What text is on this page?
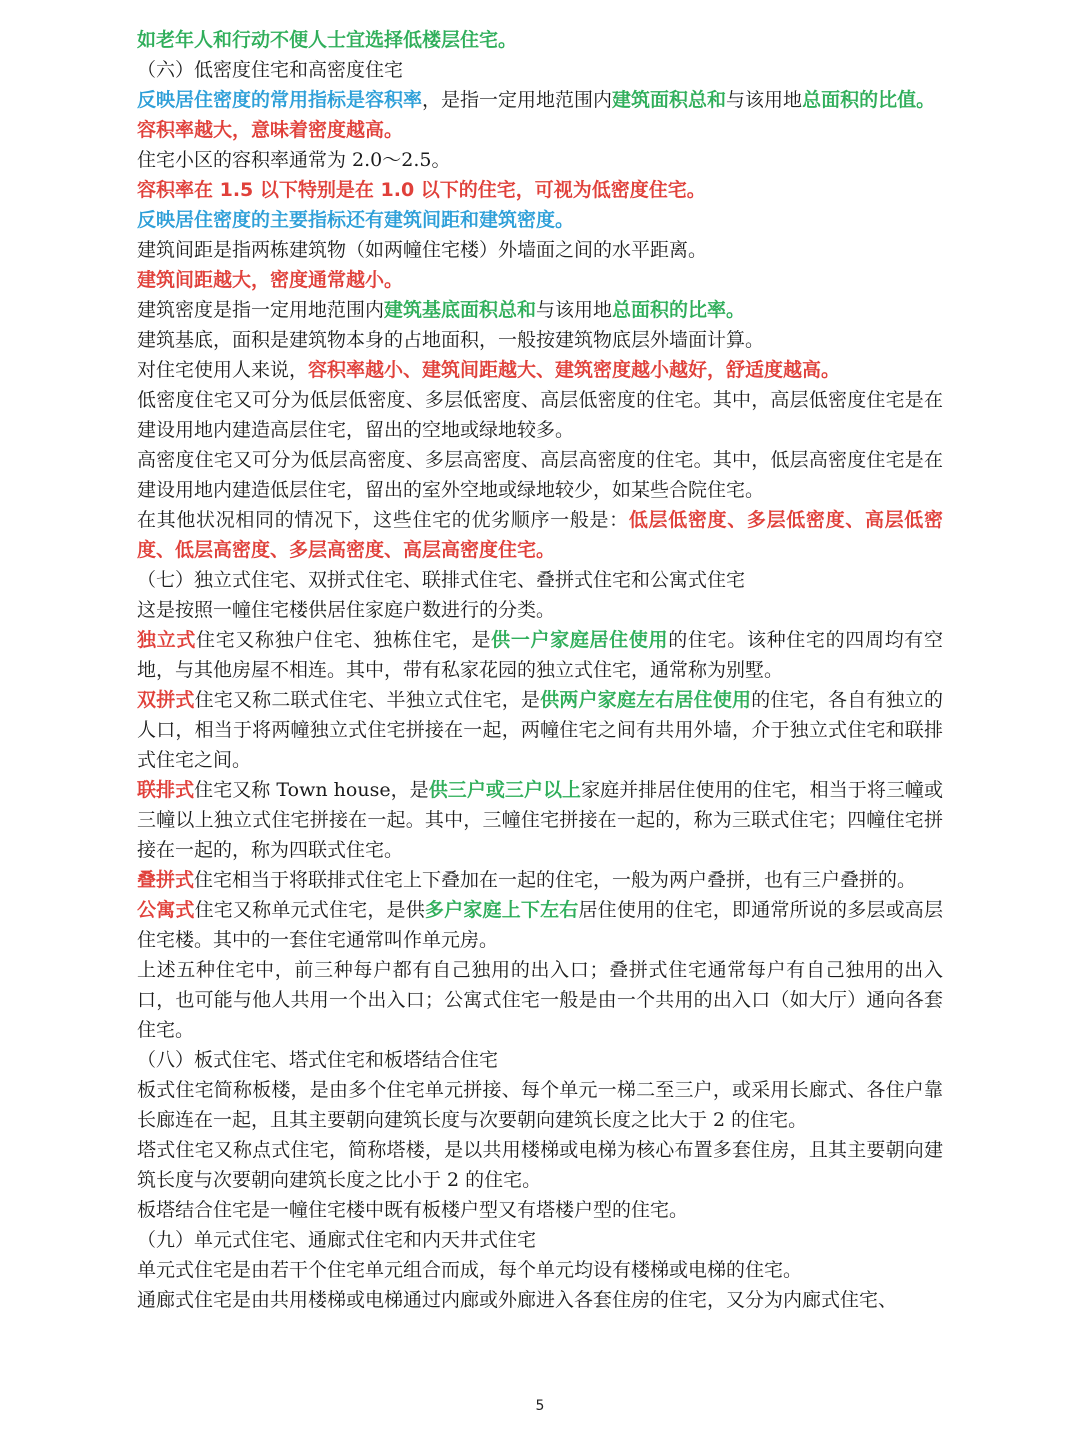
如老年人和行动不便人士宜选择低楼层住宅。
（六）低密度住宅和高密度住宅
反映居住密度的常用指标是容积率，是指一定用地范围内建筑面积总和与该用地总面积的比值。
容积率越大，意味着密度越高。
住宅小区的容积率通常为 2.0～2.5。
容积率在 1.5 以下特别是在 1.0 以下的住宅，可视为低密度住宅。
反映居住密度的主要指标还有建筑间距和建筑密度。
建筑间距是指两栋建筑物（如两幢住宅楼）外墙面之间的水平距离。
建筑间距越大，密度通常越小。
建筑密度是指一定用地范围内建筑基底面积总和与该用地总面积的比率。
建筑基底，面积是建筑物本身的占地面积，一般按建筑物底层外墙面计算。
对住宅使用人来说，容积率越小、建筑间距越大、建筑密度越小越好，舒适度越高。
低密度住宅又可分为低层低密度、多层低密度、高层低密度的住宅。其中，高层低密度住宅是在建设用地内建造高层住宅，留出的空地或绿地较多。
高密度住宅又可分为低层高密度、多层高密度、高层高密度的住宅。其中，低层高密度住宅是在建设用地内建造低层住宅，留出的室外空地或绿地较少，如某些合院住宅。
在其他状况相同的情况下，这些住宅的优劣顺序一般是：低层低密度、多层低密度、高层低密度、低层高密度、多层高密度、高层高密度住宅。
（七）独立式住宅、双拼式住宅、联排式住宅、叠拼式住宅和公寓式住宅
这是按照一幢住宅楼供居住家庭户数进行的分类。
独立式住宅又称独户住宅、独栋住宅，是供一户家庭居住使用的住宅。该种住宅的四周均有空地，与其他房屋不相连。其中，带有私家花园的独立式住宅，通常称为别墅。
双拼式住宅又称二联式住宅、半独立式住宅，是供两户家庭左右居住使用的住宅，各自有独立的人口，相当于将两幢独立式住宅拼接在一起，两幢住宅之间有共用外墙，介于独立式住宅和联排式住宅之间。
联排式住宅又称 Town house，是供三户或三户以上家庭并排居住使用的住宅，相当于将三幢或三幢以上独立式住宅拼接在一起。其中，三幢住宅拼接在一起的，称为三联式住宅；四幢住宅拼接在一起的，称为四联式住宅。
叠拼式住宅相当于将联排式住宅上下叠加在一起的住宅，一般为两户叠拼，也有三户叠拼的。
公寓式住宅又称单元式住宅，是供多户家庭上下左右居住使用的住宅，即通常所说的多层或高层住宅楼。其中的一套住宅通常叫作单元房。
上述五种住宅中，前三种每户都有自己独用的出入口；叠拼式住宅通常每户有自己独用的出入口，也可能与他人共用一个出入口；公寓式住宅一般是由一个共用的出入口（如大厅）通向各套住宅。
（八）板式住宅、塔式住宅和板塔结合住宅
板式住宅简称板楼，是由多个住宅单元拼接、每个单元一梯二至三户，或采用长廊式、各住户靠长廊连在一起，且其主要朝向建筑长度与次要朝向建筑长度之比大于 2 的住宅。
塔式住宅又称点式住宅，简称塔楼，是以共用楼梯或电梯为核心布置多套住房，且其主要朝向建筑长度与次要朝向建筑长度之比小于 2 的住宅。
板塔结合住宅是一幢住宅楼中既有板楼户型又有塔楼户型的住宅。
（九）单元式住宅、通廊式住宅和内天井式住宅
单元式住宅是由若干个住宅单元组合而成，每个单元均设有楼梯或电梯的住宅。
通廊式住宅是由共用楼梯或电梯通过内廊或外廊进入各套住房的住宅，又分为内廊式住宅、
5
